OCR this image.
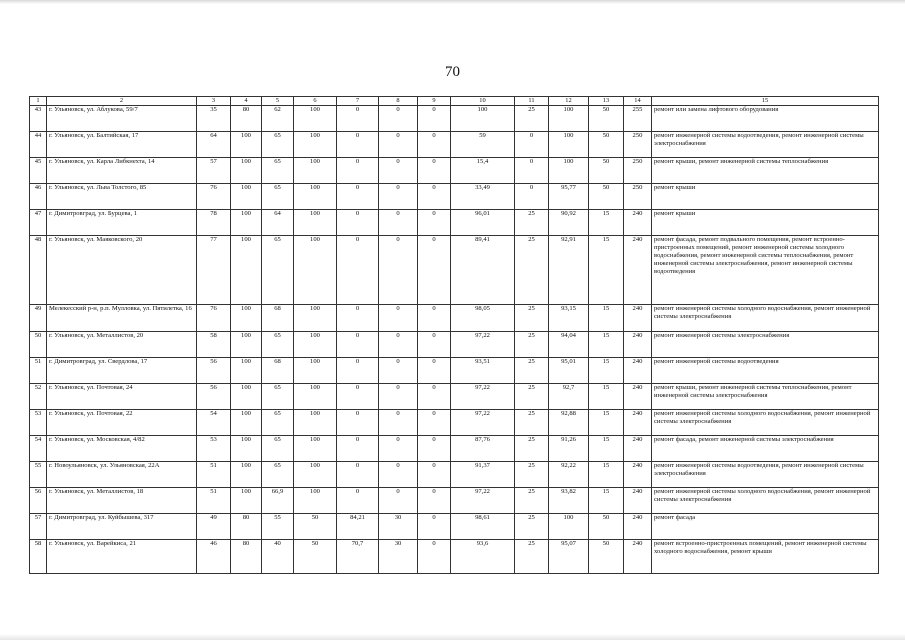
70
1	2	3	4	5	6	7	8	9	10	11	12	13	14	15
43	г. Ульяновск, ул. Аблукова, 59/7	35	80	62	100	0	0	0	100	25	100	50	255	ремонт или замена лифтового оборудования
44	г. Ульяновск, ул. Балтийская, 17	64	100	65	100	0	0	0	59	0	100	50	250	ремонт инженерной системы водоотведения, ремонт инженерной системы электроснабжения
45	г. Ульяновск, ул. Карла Либкнехта, 14	57	100	65	100	0	0	0	15,4	0	100	50	250	ремонт крыши, ремонт инженерной системы теплоснабжения
46	г. Ульяновск, ул. Льва Толстого, 85	76	100	65	100	0	0	0	33,49	0	95,77	50	250	ремонт крыши
47	г. Димитровград, ул. Бурцева, 1	78	100	64	100	0	0	0	96,01	25	90,92	15	240	ремонт крыши
48	г. Ульяновск, ул. Маяковского, 20	77	100	65	100	0	0	0	89,41	25	92,91	15	240	ремонт фасада, ремонт подвального помещения, ремонт встроенно-пристроенных помещений, ремонт инженерной системы холодного водоснабжения, ремонт инженерной системы теплоснабжения, ремонт инженерной системы электроснабжения, ремонт инженерной системы водоотведения
49	Мелекесский р-н, р.п. Мулловка, ул. Пятилетка, 16	76	100	68	100	0	0	0	98,05	25	93,15	15	240	ремонт инженерной системы холодного водоснабжения, ремонт инженерной системы электроснабжения
50	г. Ульяновск, ул. Металлистов, 20	58	100	65	100	0	0	0	97,22	25	94,04	15	240	ремонт инженерной системы электроснабжения
51	г. Димитровград, ул. Свердлова, 17	56	100	68	100	0	0	0	93,51	25	95,01	15	240	ремонт инженерной системы водоотведения
52	г. Ульяновск, ул. Почтовая, 24	56	100	65	100	0	0	0	97,22	25	92,7	15	240	ремонт крыши, ремонт инженерной системы теплоснабжения, ремонт инженерной системы электроснабжения
53	г. Ульяновск, ул. Почтовая, 22	54	100	65	100	0	0	0	97,22	25	92,88	15	240	ремонт инженерной системы холодного водоснабжения, ремонт инженерной системы электроснабжения
54	г. Ульяновск, ул. Московская, 4/82	53	100	65	100	0	0	0	87,76	25	91,26	15	240	ремонт фасада, ремонт инженерной системы электроснабжения
55	г. Новоульяновск, ул. Ульяновская, 22А	51	100	65	100	0	0	0	91,37	25	92,22	15	240	ремонт инженерной системы водоотведения, ремонт инженерной системы электроснабжения
56	г. Ульяновск, ул. Металлистов, 18	51	100	66,9	100	0	0	0	97,22	25	93,82	15	240	ремонт инженерной системы холодного водоснабжения, ремонт инженерной системы электроснабжения
57	г. Димитровград, ул. Куйбышева, 317	49	80	55	50	84,21	30	0	98,61	25	100	50	240	ремонт фасада
58	г. Ульяновск, ул. Варейкиса, 21	46	80	40	50	70,7	30	0	93,6	25	95,07	50	240	ремонт встроенно-пристроенных помещений, ремонт инженерной системы холодного водоснабжения, ремонт крыши
